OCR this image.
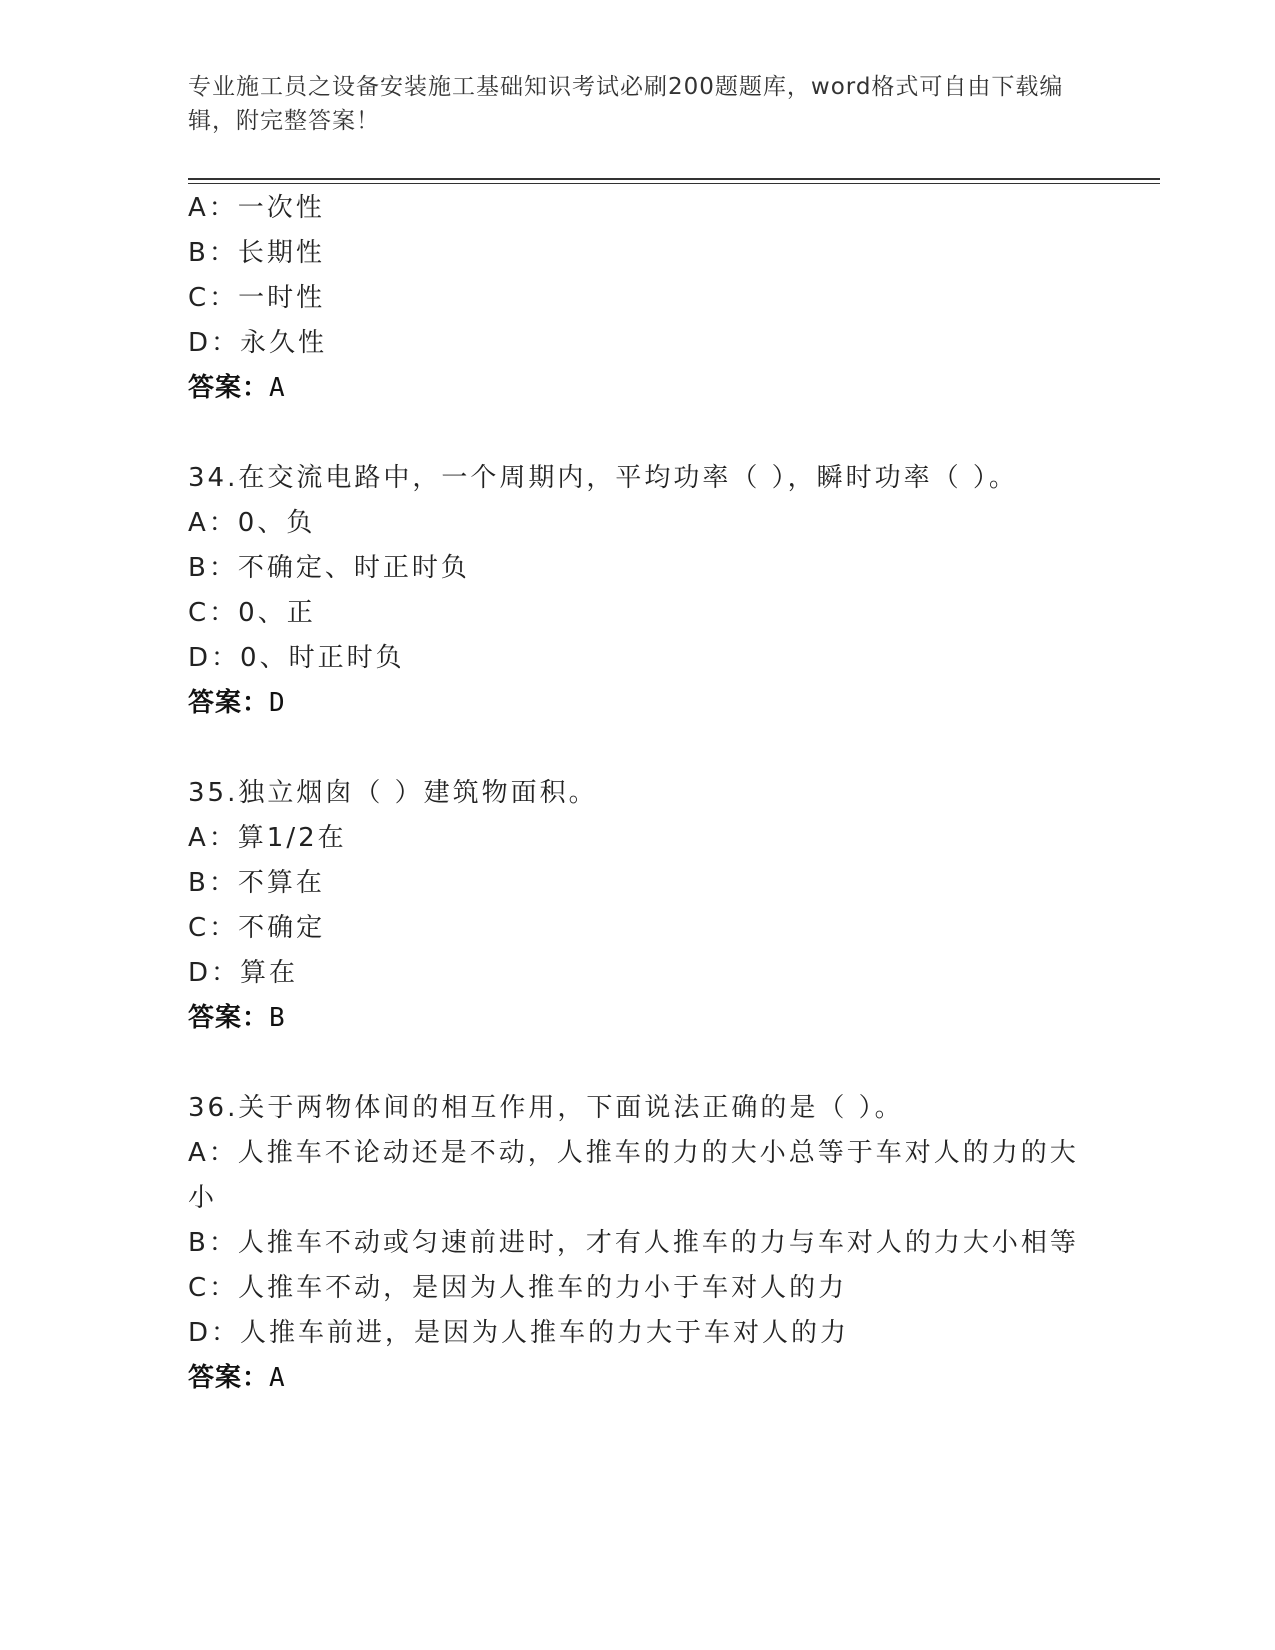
专业施工员之设备安装施工基础知识考试必刷200题题库，word格式可自由下载编辑，附完整答案！
A：一次性
B：长期性
C：一时性
D：永久性
答案：A
34.在交流电路中，一个周期内，平均功率（ ），瞬时功率（ ）。
A：0、负
B：不确定、时正时负
C：0、正
D：0、时正时负
答案：D
35.独立烟囱（ ）建筑物面积。
A：算1/2在
B：不算在
C：不确定
D：算在
答案：B
36.关于两物体间的相互作用，下面说法正确的是（ ）。
A：人推车不论动还是不动，人推车的力的大小总等于车对人的力的大
小
B：人推车不动或匀速前进时，才有人推车的力与车对人的力大小相等
C：人推车不动，是因为人推车的力小于车对人的力
D：人推车前进，是因为人推车的力大于车对人的力
答案：A
